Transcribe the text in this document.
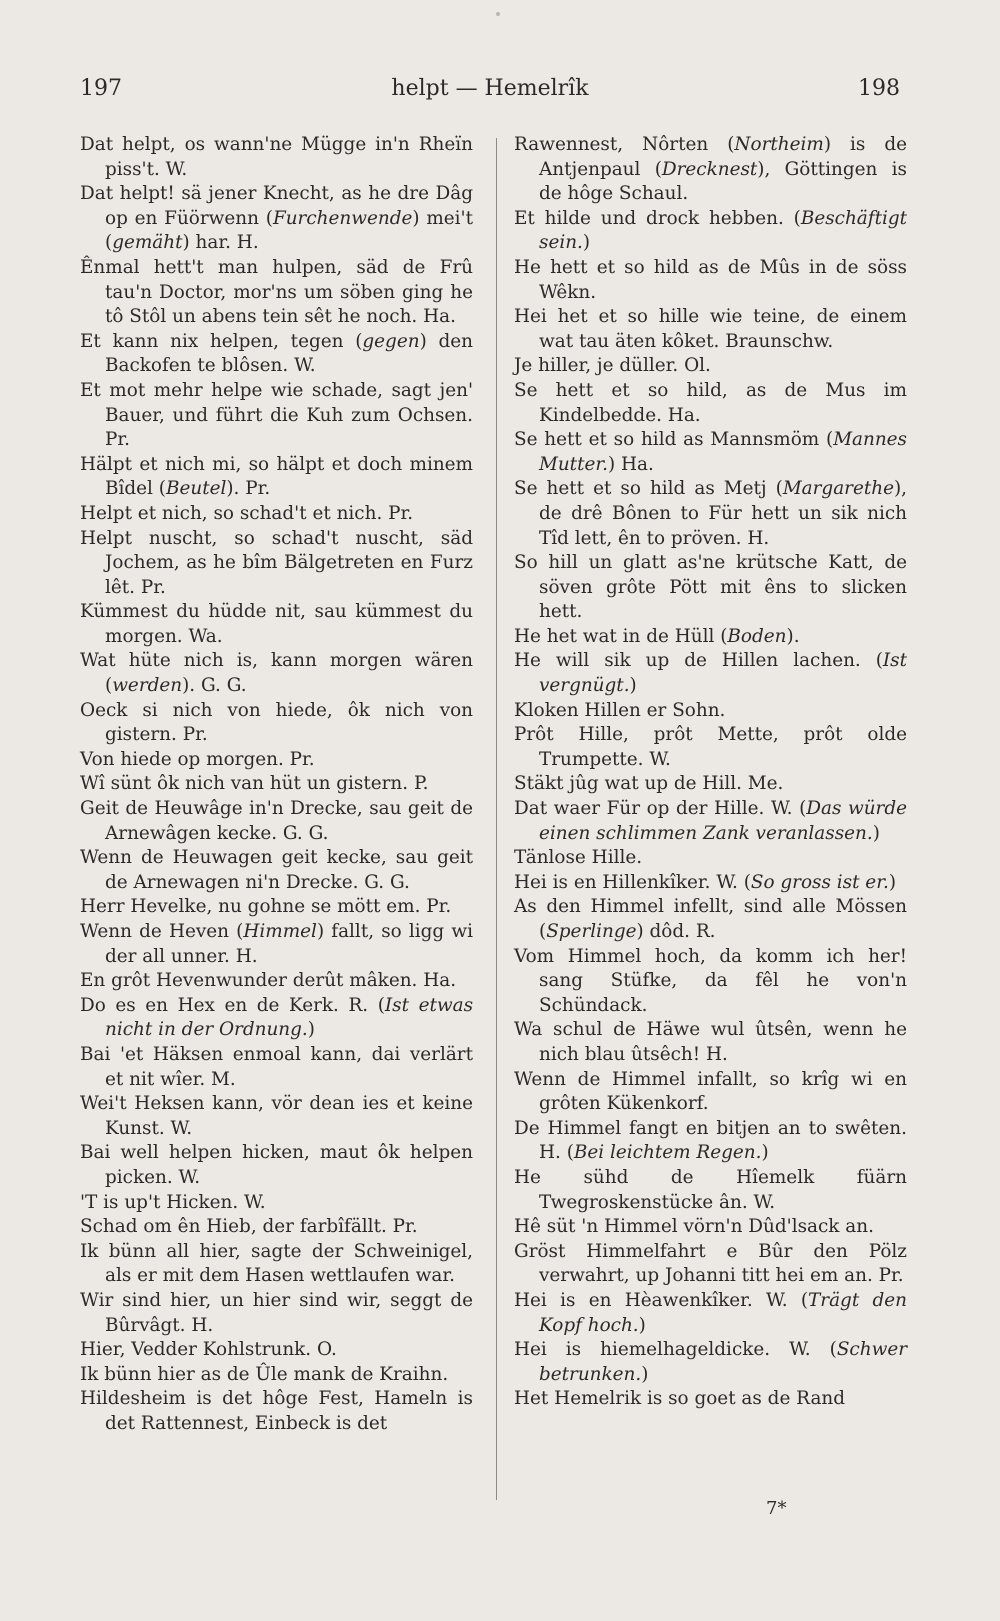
197	helpt — Hemelrîk	198
Dat helpt, os wann'ne Mügge in'n Rheïn piss't. W.
Dat helpt! sä jener Knecht, as he dre Dâg op en Füörwenn (Furchenwende) mei't (gemäht) har. H.
Ênmal hett't man hulpen, säd de Frû tau'n Doctor, mor'ns um söben ging he tô Stôl un abens tein sêt he noch. Ha.
Et kann nix helpen, tegen (gegen) den Backofen te blôsen. W.
Et mot mehr helpe wie schade, sagt jen' Bauer, und führt die Kuh zum Ochsen. Pr.
Hälpt et nich mi, so hälpt et doch minem Bîdel (Beutel). Pr.
Helpt et nich, so schad't et nich. Pr.
Helpt nuscht, so schad't nuscht, säd Jochem, as he bîm Bälgetreten en Furz lêt. Pr.
Kümmest du hüdde nit, sau kümmest du morgen. Wa.
Wat hüte nich is, kann morgen wären (werden). G. G.
Oeck si nich von hiede, ôk nich von gistern. Pr.
Von hiede op morgen. Pr.
Wî sünt ôk nich van hüt un gistern. P.
Geit de Heuwâge in'n Drecke, sau geit de Arnewâgen kecke. G. G.
Wenn de Heuwagen geit kecke, sau geit de Arnewagen ni'n Drecke. G. G.
Herr Hevelke, nu gohne se mött em. Pr.
Wenn de Heven (Himmel) fallt, so ligg wi der all unner. H.
En grôt Hevenwunder derût mâken. Ha.
Do es en Hex en de Kerk. R. (Ist etwas nicht in der Ordnung.)
Bai 'et Häksen enmoal kann, dai verlärt et nit wîer. M.
Wei't Heksen kann, vör dean ies et keine Kunst. W.
Bai well helpen hicken, maut ôk helpen picken. W.
'T is up't Hicken. W.
Schad om ên Hieb, der farbîfällt. Pr.
Ik bünn all hier, sagte der Schweinigel, als er mit dem Hasen wettlaufen war.
Wir sind hier, un hier sind wir, seggt de Bûrvâgt. H.
Hier, Vedder Kohlstrunk. O.
Ik bünn hier as de Ûle mank de Kraihn.
Hildesheim is det hôge Fest, Hameln is det Rattennest, Einbeck is det
Rawennest, Nôrten (Northeim) is de Antjenpaul (Drecknest), Göttingen is de hôge Schaul.
Et hilde und drock hebben. (Beschäftigt sein.)
He hett et so hild as de Mûs in de söss Wêkn.
Hei het et so hille wie teine, de einem wat tau äten kôket. Braunschw.
Je hiller, je düller. Ol.
Se hett et so hild, as de Mus im Kindelbedde. Ha.
Se hett et so hild as Mannsmöm (Mannes Mutter.) Ha.
Se hett et so hild as Metj (Margarethe), de drê Bônen to Für hett un sik nich Tîd lett, ên to pröven. H.
So hill un glatt as'ne krütsche Katt, de söven grôte Pött mit êns to slicken hett.
He het wat in de Hüll (Boden).
He will sik up de Hillen lachen. (Ist vergnügt.)
Kloken Hillen er Sohn.
Prôt Hille, prôt Mette, prôt olde Trumpette. W.
Stäkt jûg wat up de Hill. Me.
Dat waer Für op der Hille. W. (Das würde einen schlimmen Zank veranlassen.)
Tänlose Hille.
Hei is en Hillenkîker. W. (So gross ist er.)
As den Himmel infellt, sind alle Mössen (Sperlinge) dôd. R.
Vom Himmel hoch, da komm ich her! sang Stüfke, da fêl he von'n Schündack.
Wa schul de Häwe wul ûtsên, wenn he nich blau ûtsêch! H.
Wenn de Himmel infallt, so krîg wi en grôten Kükenkorf.
De Himmel fangt en bitjen an to swêten. H. (Bei leichtem Regen.)
He sühd de Hîemelk füärn Twegroskenstücke ân. W.
Hê süt 'n Himmel vörn'n Dûd'lsack an.
Gröst Himmelfahrt e Bûr den Pölz verwahrt, up Johanni titt hei em an. Pr.
Hei is en Hèawenkîker. W. (Trägt den Kopf hoch.)
Hei is hiemelhageldicke. W. (Schwer betrunken.)
Het Hemelrik is so goet as de Rand
7*
